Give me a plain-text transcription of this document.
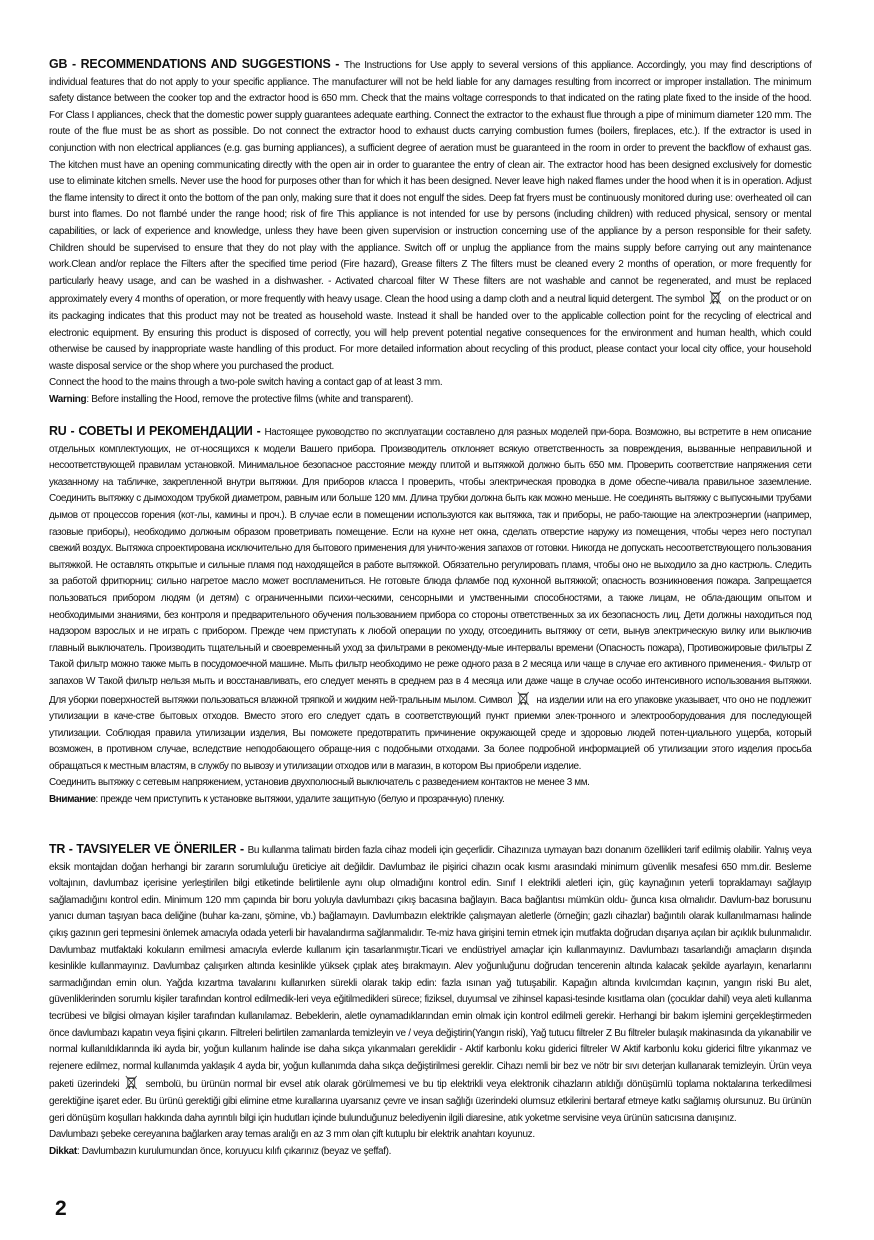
GB - RECOMMENDATIONS AND SUGGESTIONS - The Instructions for Use apply to several versions of this appliance. Accordingly, you may find descriptions of individual features that do not apply to your specific appliance. The manufacturer will not be held liable for any damages resulting from incorrect or improper installation. The minimum safety distance between the cooker top and the extractor hood is 650 mm. Check that the mains voltage corresponds to that indicated on the rating plate fixed to the inside of the hood. For Class I appliances, check that the domestic power supply guarantees adequate earthing. Connect the extractor to the exhaust flue through a pipe of minimum diameter 120 mm. The route of the flue must be as short as possible. Do not connect the extractor hood to exhaust ducts carrying combustion fumes (boilers, fireplaces, etc.). If the extractor is used in conjunction with non electrical appliances (e.g. gas burning appliances), a sufficient degree of aeration must be guaranteed in the room in order to prevent the backflow of exhaust gas. The kitchen must have an opening communicating directly with the open air in order to guarantee the entry of clean air. The extractor hood has been designed exclusively for domestic use to eliminate kitchen smells. Never use the hood for purposes other than for which it has been designed. Never leave high naked flames under the hood when it is in operation. Adjust the flame intensity to direct it onto the bottom of the pan only, making sure that it does not engulf the sides. Deep fat fryers must be continuously monitored during use: overheated oil can burst into flames. Do not flambé under the range hood; risk of fire This appliance is not intended for use by persons (including children) with reduced physical, sensory or mental capabilities, or lack of experience and knowledge, unless they have been given supervision or instruction concerning use of the appliance by a person responsible for their safety. Children should be supervised to ensure that they do not play with the appliance. Switch off or unplug the appliance from the mains supply before carrying out any maintenance work.Clean and/or replace the Filters after the specified time period (Fire hazard), Grease filters Z The filters must be cleaned every 2 months of operation, or more frequently for particularly heavy usage, and can be washed in a dishwasher. - Activated charcoal filter W These filters are not washable and cannot be regenerated, and must be replaced approximately every 4 months of operation, or more frequently with heavy usage. Clean the hood using a damp cloth and a neutral liquid detergent. The symbol
on the product or on its packaging indicates that this product may not be treated as household waste. Instead it shall be handed over to the applicable collection point for the recycling of electrical and electronic equipment. By ensuring this product is disposed of correctly, you will help prevent potential negative consequences for the environment and human health, which could otherwise be caused by inappropriate waste handling of this product. For more detailed information about recycling of this product, please contact your local city office, your household waste disposal service or the shop where you purchased the product.

Connect the hood to the mains through a two-pole switch having a contact gap of at least 3 mm.

Warning: Before installing the Hood, remove the protective films (white and transparent).

RU - СОВЕТЫ И РЕКОМЕНДАЦИИ - Настоящее руководство по эксплуатации составлено для разных моделей при-бора. Возможно, вы встретите в нем описание отдельных комплектующих, не от-носящихся к модели Вашего прибора. Производитель отклоняет всякую ответственность за повреждения, вызванные неправильной и несоответствующей правилам установкой. Минимальное безопасное расстояние между плитой и вытяжкой должно быть 650 мм. Проверить соответствие напряжения сети указанному на табличке, закрепленной внутри вытяжки. Для приборов класса I проверить, чтобы электрическая проводка в доме обеспе-чивала правильное заземление. Соединить вытяжку с дымоходом трубкой диаметром, равным или больше 120 мм. Длина трубки должна быть как можно меньше. Не соединять вытяжку с выпускными трубами дымов от процессов горения (кот-лы, камины и проч.). В случае если в помещении используются как вытяжка, так и приборы, не рабо-тающие на электроэнергии (например, газовые приборы), необходимо должным образом проветривать помещение. Если на кухне нет окна, сделать отверстие наружу из помещения, чтобы через него поступал свежий воздух. Вытяжка спроектирована исключительно для бытового применения для уничто-жения запахов от готовки. Никогда не допускать несоответствующего пользования вытяжкой. Не оставлять открытые и сильные пламя под находящейся в работе вытяжкой. Обязательно регулировать пламя, чтобы оно не выходило за дно кастрюль. Следить за работой фритюрниц: сильно нагретое масло может воспламениться. Не готовьте блюда фламбе под кухонной вытяжкой; опасность возникновения пожара. Запрещается пользоваться прибором людям (и детям) с ограниченными психи-ческими, сенсорными и умственными способностями, а также лицам, не обла-дающим опытом и необходимыми знаниями, без контроля и предварительного обучения пользованием прибора со стороны ответственных за их безопасность лиц. Дети должны находиться под надзором взрослых и не играть с прибором. Прежде чем приступать к любой операции по уходу, отсоединить вытяжку от сети, вынув электрическую вилку или выключив главный выключатель. Производить тщательный и своевременный уход за фильтрами в рекоменду-мые интервалы времени (Опасность пожара), Противожировые фильтры Z Такой фильтр можно также мыть в посудомоечной машине. Мыть фильтр необходимо не реже одного раза в 2 месяца или чаще в случае его активного применения.- Фильтр от запахов W Такой фильтр нельзя мыть и восстанавливать, его следует менять в среднем раз в 4 месяца или даже чаще в случае особо интенсивного использования вытяжки. Для уборки поверхностей вытяжки пользоваться влажной тряпкой и жидким ней-тральным мылом. Символ
на изделии или на его упаковке указывает, что оно не подлежит утилизации в каче-стве бытовых отходов. Вместо этого его следует сдать в соответствующий пункт приемки элек-тронного и электрооборудования для последующей утилизации. Соблюдая правила утилизации изделия, Вы поможете предотвратить причинение окружающей среде и здоровью людей потен-циального ущерба, который возможен, в противном случае, вследствие неподобающего обраще-ния с подобными отходами. За более подробной информацией об утилизации этого изделия просьба обращаться к местным властям, в службу по вывозу и утилизации отходов или в магазин, в котором Вы приобрели изделие.

Соединить вытяжку с сетевым напряжением, установив двухполюсный выключатель с разведением контактов не менее 3 мм.

Внимание: прежде чем приступить к установке вытяжки, удалите защитную (белую и прозрачную) пленку.

TR - TAVSIYELER VE ÖNERILER - Bu kullanma talimatı birden fazla cihaz modeli için geçerlidir. Cihazınıza uymayan bazı donanım özellikleri tarif edilmiş olabilir. Yalnış veya eksik montajdan doğan herhangi bir zararın sorumluluğu üreticiye ait değildir. Davlumbaz ile pişirici cihazın ocak kısmı arasındaki minimum güvenlik mesafesi 650 mm.dir. Besleme voltajının, davlumbaz içerisine yerleştirilen bilgi etiketinde belirtilenle aynı olup olmadığını kontrol edin. Sınıf I elektrikli aletleri için, güç kaynağının yeterli topraklamayı sağlayıp sağlamadığını kontrol edin. Minimum 120 mm çapında bir boru yoluyla davlumbazı çıkış bacasına bağlayın. Baca bağlantısı mümkün oldu- ğunca kısa olmalıdır. Davlum-baz borusunu yanıcı duman taşıyan baca deliğine (buhar ka-zanı, şömine, vb.) bağlamayın. Davlumbazın elektrikle çalışmayan aletlerle (örneğin; gazlı cihazlar) bağıntılı olarak kullanılmaması halinde çıkış gazının geri tepmesini önlemek amacıyla odada yeterli bir havalandırma sağlanmalıdır. Te-miz hava girişini temin etmek için mutfakta doğrudan dışarıya açılan bir açıklık bulunmalıdır. Davlumbaz mutfaktaki kokuların emilmesi amacıyla evlerde kullanım için tasarlanmıştır.Ticari ve endüstriyel amaçlar için kullanmayınız. Davlumbazı tasarlandığı amaçların dışında kesinlikle kullanmayınız. Davlumbaz çalışırken altında kesinlikle yüksek çıplak ateş bırakmayın. Alev yoğunluğunu doğrudan tencerenin altında kalacak şekilde ayarlayın, kenarlarını sarmadığından emin olun. Yağda kızartma tavalarını kullanırken sürekli olarak takip edin: fazla ısınan yağ tutuşabilir. Kapağın altında kıvılcımdan kaçının, yangın riski Bu alet, güvenliklerinden sorumlu kişiler tarafından kontrol edilmedik-leri veya eğitilmedikleri sürece; fiziksel, duyumsal ve zihinsel kapasi-tesinde kısıtlama olan (çocuklar dahil) veya aleti kullanma tecrübesi ve bilgisi olmayan kişiler tarafından kullanılamaz. Bebeklerin, aletle oynamadıklarından emin olmak için kontrol edilmeli gerekir. Herhangi bir bakım işlemini gerçekleştirmeden önce davlumbazı kapatın veya fişini çıkarın. Filtreleri belirtilen zamanlarda temizleyin ve / veya değiştirin(Yangın riski), Yağ tutucu filtreler Z Bu filtreler bulaşık makinasında da yıkanabilir ve normal kullanıldıklarında iki ayda bir, yoğun kullanım halinde ise daha sıkça yıkanmaları gereklidir - Aktif karbonlu koku giderici filtreler W Aktif karbonlu koku giderici filtre yıkanmaz ve rejenere edilmez, normal kullanımda yaklaşık 4 ayda bir, yoğun kullanımda daha sıkça değiştirilmesi gereklir. Cihazı nemli bir bez ve nötr bir sıvı deterjan kullanarak temizleyin. Ürün veya paketi üzerindeki
sembolü, bu ürünün normal bir evsel atık olarak görülmemesi ve bu tip elektrikli veya elektronik cihazların atıldığı dönüşümlü toplama noktalarına terkedilmesi gerektiğine işaret eder. Bu ürünü gerektiği gibi elimine etme kurallarına uyarsanız çevre ve insan sağlığı üzerindeki olumsuz etkilerini bertaraf etmeye katkı sağlamış olursunuz. Bu ürünün geri dönüşüm koşulları hakkında daha ayrıntılı bilgi için hudutları içinde bulunduğunuz belediyenin ilgili diaresine, atık yoketme servisine veya ürünün satıcısına danışınız.

Davlumbazı şebeke cereyanına bağlarken aray temas aralığı en az 3 mm olan çift kutuplu bir elektrik anahtarı koyunuz.

Dikkat: Davlumbazın kurulumundan önce, koruyucu kılıfı çıkarınız (beyaz ve şeffaf).

2
